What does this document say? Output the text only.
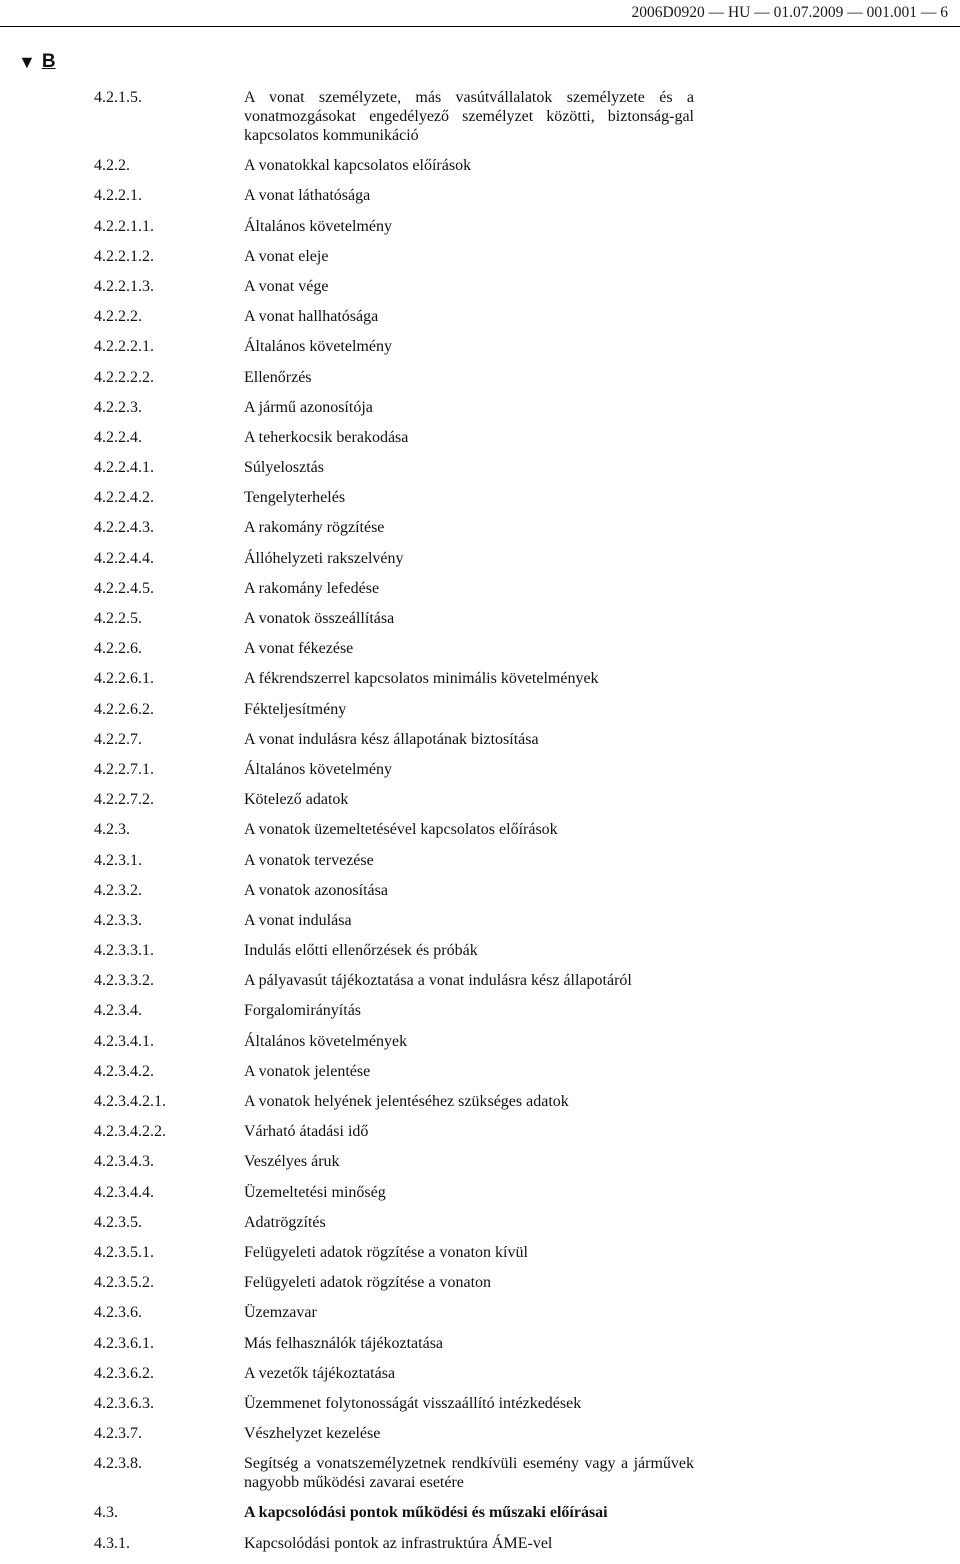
2006D0920 — HU — 01.07.2009 — 001.001 — 6
▼ B
4.2.1.5.	A vonat személyzete, más vasútvállalatok személyzete és a vonatmozgásokat engedélyező személyzet közötti, biztonság-gal kapcsolatos kommunikáció
4.2.2.	A vonatokkal kapcsolatos előírások
4.2.2.1.	A vonat láthatósága
4.2.2.1.1.	Általános követelmény
4.2.2.1.2.	A vonat eleje
4.2.2.1.3.	A vonat vége
4.2.2.2.	A vonat hallhatósága
4.2.2.2.1.	Általános követelmény
4.2.2.2.2.	Ellenőrzés
4.2.2.3.	A jármű azonosítója
4.2.2.4.	A teherkocsik berakodása
4.2.2.4.1.	Súlyelosztás
4.2.2.4.2.	Tengelyterhelés
4.2.2.4.3.	A rakomány rögzítése
4.2.2.4.4.	Állóhelyzeti rakszelvény
4.2.2.4.5.	A rakomány lefedése
4.2.2.5.	A vonatok összeállítása
4.2.2.6.	A vonat fékezése
4.2.2.6.1.	A fékrendszerrel kapcsolatos minimális követelmények
4.2.2.6.2.	Fékteljesítmény
4.2.2.7.	A vonat indulásra kész állapotának biztosítása
4.2.2.7.1.	Általános követelmény
4.2.2.7.2.	Kötelező adatok
4.2.3.	A vonatok üzemeltetésével kapcsolatos előírások
4.2.3.1.	A vonatok tervezése
4.2.3.2.	A vonatok azonosítása
4.2.3.3.	A vonat indulása
4.2.3.3.1.	Indulás előtti ellenőrzések és próbák
4.2.3.3.2.	A pályavasút tájékoztatása a vonat indulásra kész állapotáról
4.2.3.4.	Forgalomirányítás
4.2.3.4.1.	Általános követelmények
4.2.3.4.2.	A vonatok jelentése
4.2.3.4.2.1.	A vonatok helyének jelentéséhez szükséges adatok
4.2.3.4.2.2.	Várható átadási idő
4.2.3.4.3.	Veszélyes áruk
4.2.3.4.4.	Üzemeltetési minőség
4.2.3.5.	Adatrögzítés
4.2.3.5.1.	Felügyeleti adatok rögzítése a vonaton kívül
4.2.3.5.2.	Felügyeleti adatok rögzítése a vonaton
4.2.3.6.	Üzemzavar
4.2.3.6.1.	Más felhasználók tájékoztatása
4.2.3.6.2.	A vezetők tájékoztatása
4.2.3.6.3.	Üzemmenet folytonosságát visszaállító intézkedések
4.2.3.7.	Vészhelyzet kezelése
4.2.3.8.	Segítség a vonatszemélyzetnek rendkívüli esemény vagy a járművek nagyobb működési zavarai esetére
4.3.	A kapcsolódási pontok működési és műszaki előírásai
4.3.1.	Kapcsolódási pontok az infrastruktúra ÁME-vel
